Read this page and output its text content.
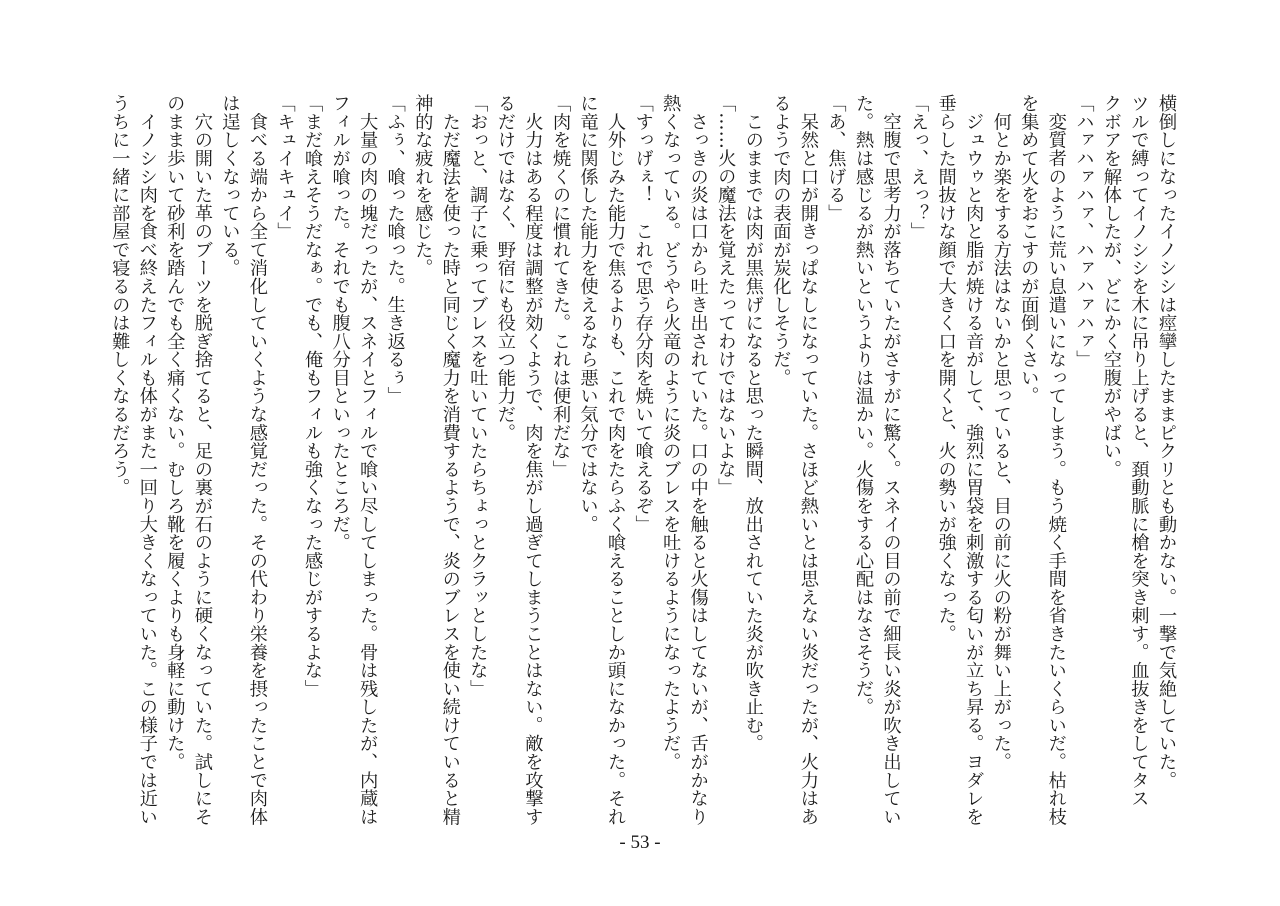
横倒しになったイノシシは痙攣したままピクリとも動かない。一撃で気絶していた。
ツルで縛ってイノシシを木に吊り上げると、頚動脈に槍を突き刺す。血抜きをしてタス
クボアを解体したが、どにかく空腹がやばい。
「ハァハァハァ、ハァハァハァ」
　変質者のように荒い息遣いになってしまう。もう焼く手間を省きたいくらいだ。枯れ枝
を集めて火をおこすのが面倒くさい。
　何とか楽をする方法はないかと思っていると、目の前に火の粉が舞い上がった。
　ジュウゥと肉と脂が焼ける音がして、強烈に胃袋を刺激する匂いが立ち昇る。ヨダレを
垂らした間抜けな顔で大きく口を開くと、火の勢いが強くなった。
「えっ、えっ？」
　空腹で思考力が落ちていたがさすがに驚く。スネイの目の前で細長い炎が吹き出してい
た。熱は感じるが熱いというよりは温かい。火傷をする心配はなさそうだ。
「あ、焦げる」
　呆然と口が開きっぱなしになっていた。さほど熱いとは思えない炎だったが、火力はあ
るようで肉の表面が炭化しそうだ。
　このままでは肉が黒焦げになると思った瞬間、放出されていた炎が吹き止む。
「……火の魔法を覚えたってわけではないよな」
　さっきの炎は口から吐き出されていた。口の中を触ると火傷はしてないが、舌がかなり
熱くなっている。どうやら火竜のように炎のブレスを吐けるようになったようだ。
「すっげぇ！　これで思う存分肉を焼いて喰えるぞ」
　人外じみた能力で焦るよりも、これで肉をたらふく喰えることしか頭になかった。それ
に竜に関係した能力を使えるなら悪い気分ではない。
「肉を焼くのに慣れてきた。これは便利だな」
　火力はある程度は調整が効くようで、肉を焦がし過ぎてしまうことはない。敵を攻撃す
るだけではなく、野宿にも役立つ能力だ。
「おっと、調子に乗ってブレスを吐いていたらちょっとクラッとしたな」
　ただ魔法を使った時と同じく魔力を消費するようで、炎のブレスを使い続けていると精
神的な疲れを感じた。
「ふぅ、喰った喰った。生き返るぅ」
　大量の肉の塊だったが、スネイとフィルで喰い尽してしまった。骨は残したが、内蔵は
フィルが喰った。それでも腹八分目といったところだ。
「まだ喰えそうだなぁ。でも、俺もフィルも強くなった感じがするよな」
「キュイキュイ」
　食べる端から全て消化していくような感覚だった。その代わり栄養を摂ったことで肉体
は逞しくなっている。
　穴の開いた革のブーツを脱ぎ捨てると、足の裏が石のように硬くなっていた。試しにそ
のまま歩いて砂利を踏んでも全く痛くない。むしろ靴を履くよりも身軽に動けた。
　イノシシ肉を食べ終えたフィルも体がまた一回り大きくなっていた。この様子では近い
うちに一緒に部屋で寝るのは難しくなるだろう。
- 53 -
